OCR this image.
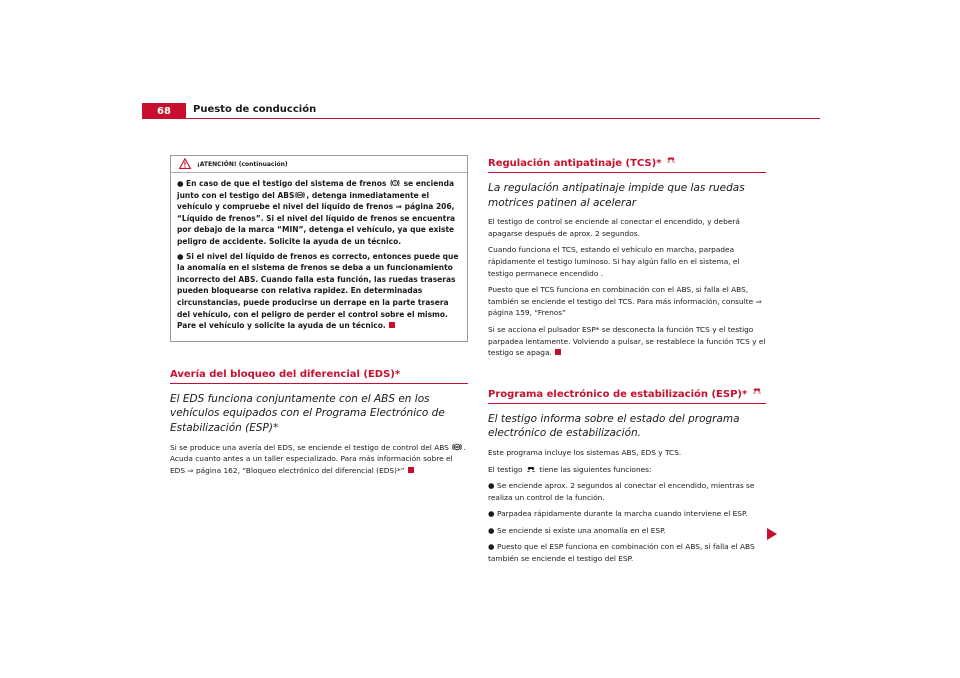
68	Puesto de conducción
¡ATENCIÓN! (continuación)

● En caso de que el testigo del sistema de frenos se encienda junto con el testigo del ABS , detenga inmediatamente el vehículo y compruebe el nivel del líquido de frenos ⇒ página 206, “Líquido de frenos”. Si el nivel del líquido de frenos se encuentra por debajo de la marca “MIN”, detenga el vehículo, ya que existe peligro de accidente. Solicite la ayuda de un técnico.

● Si el nivel del líquido de frenos es correcto, entonces puede que la anomalía en el sistema de frenos se deba a un funcionamiento incorrecto del ABS. Cuando falla esta función, las ruedas traseras pueden bloquearse con relativa rapidez. En determinadas circunstancias, puede producirse un derrape en la parte trasera del vehículo, con el peligro de perder el control sobre el mismo. Pare el vehículo y solicite la ayuda de un técnico.

Avería del bloqueo del diferencial (EDS)*

El EDS funciona conjuntamente con el ABS en los vehículos equipados con el Programa Electrónico de Estabilización (ESP)*

Si se produce una avería del EDS, se enciende el testigo de control del ABS . Acuda cuanto antes a un taller especializado. Para más información sobre el EDS ⇒ página 162, “Bloqueo electrónico del diferencial (EDS)*”

Regulación antipatinaje (TCS)*

La regulación antipatinaje impide que las ruedas motrices patinen al acelerar

El testigo de control se enciende al conectar el encendido, y deberá apagarse después de aprox. 2 segundos.

Cuando funciona el TCS, estando el vehículo en marcha, parpadea rápidamente el testigo luminoso. Si hay algún fallo en el sistema, el testigo permanece encendido .

Puesto que el TCS funciona en combinación con el ABS, si falla el ABS, también se enciende el testigo del TCS. Para más información, consulte ⇒ página 159, “Frenos”

Si se acciona el pulsador ESP* se desconecta la función TCS y el testigo parpadea lentamente. Volviendo a pulsar, se restablece la función TCS y el testigo se apaga.

Programa electrónico de estabilización (ESP)*

El testigo informa sobre el estado del programa electrónico de estabilización.

Este programa incluye los sistemas ABS, EDS y TCS.

El testigo tiene las siguientes funciones:

● Se enciende aprox. 2 segundos al conectar el encendido, mientras se realiza un control de la función.

● Parpadea rápidamente durante la marcha cuando interviene el ESP.

● Se enciende si existe una anomalía en el ESP.

● Puesto que el ESP funciona en combinación con el ABS, si falla el ABS también se enciende el testigo del ESP.
